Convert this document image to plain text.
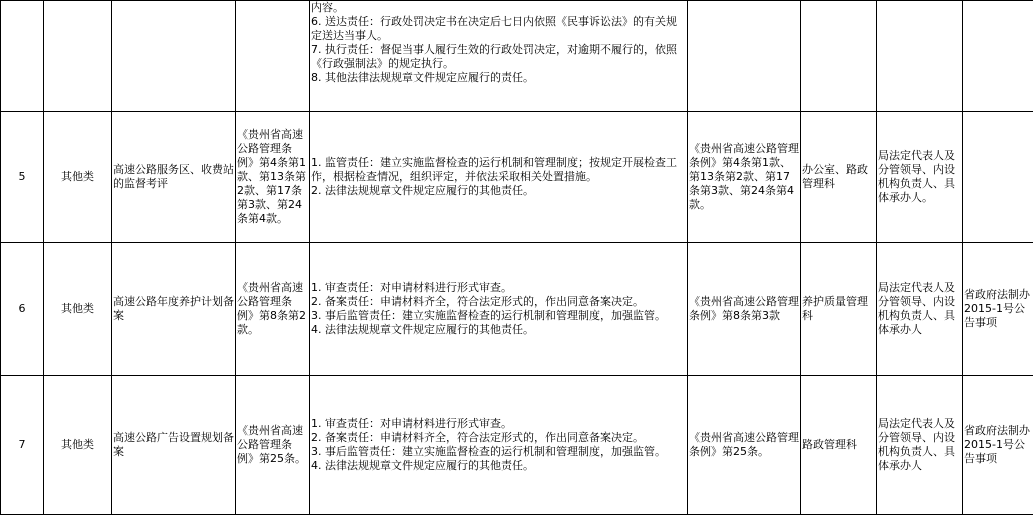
				内容。
6. 送达责任：行政处罚决定书在决定后七日内依照《民事诉讼法》的有关规定送达当事人。
7. 执行责任：督促当事人履行生效的行政处罚决定，对逾期不履行的，依照《行政强制法》的规定执行。
8. 其他法律法规规章文件规定应履行的责任。				

5	其他类	高速公路服务区、收费站的监督考评	《贵州省高速公路管理条例》第4条第1款、第13条第2款、第17条第3款、第24条第4款。	1. 监管责任：建立实施监督检查的运行机制和管理制度；按规定开展检查工作，根据检查情况，组织评定，并依法采取相关处置措施。
2. 法律法规规章文件规定应履行的其他责任。	《贵州省高速公路管理条例》第4条第1款、第13条第2款、第17条第3款、第24条第4款。	办公室、路政管理科	局法定代表人及分管领导、内设机构负责人、具体承办人。	
6	其他类	高速公路年度养护计划备案	《贵州省高速公路管理条例》第8条第2款。	1. 审查责任：对申请材料进行形式审查。
2. 备案责任：申请材料齐全，符合法定形式的，作出同意备案决定。
3. 事后监管责任：建立实施监督检查的运行机制和管理制度，加强监管。
4. 法律法规规章文件规定应履行的其他责任。	《贵州省高速公路管理条例》第8条第3款	养护质量管理科	局法定代表人及分管领导、内设机构负责人、具体承办人	省政府法制办 2015-1号公告事项
7	其他类	高速公路广告设置规划备案	《贵州省高速公路管理条例》第25条。	1. 审查责任：对申请材料进行形式审查。
2. 备案责任：申请材料齐全，符合法定形式的，作出同意备案决定。
3. 事后监管责任：建立实施监督检查的运行机制和管理制度，加强监管。
4. 法律法规规章文件规定应履行的其他责任。	《贵州省高速公路管理条例》第25条。	路政管理科	局法定代表人及分管领导、内设机构负责人、具体承办人	省政府法制办 2015-1号公告事项
